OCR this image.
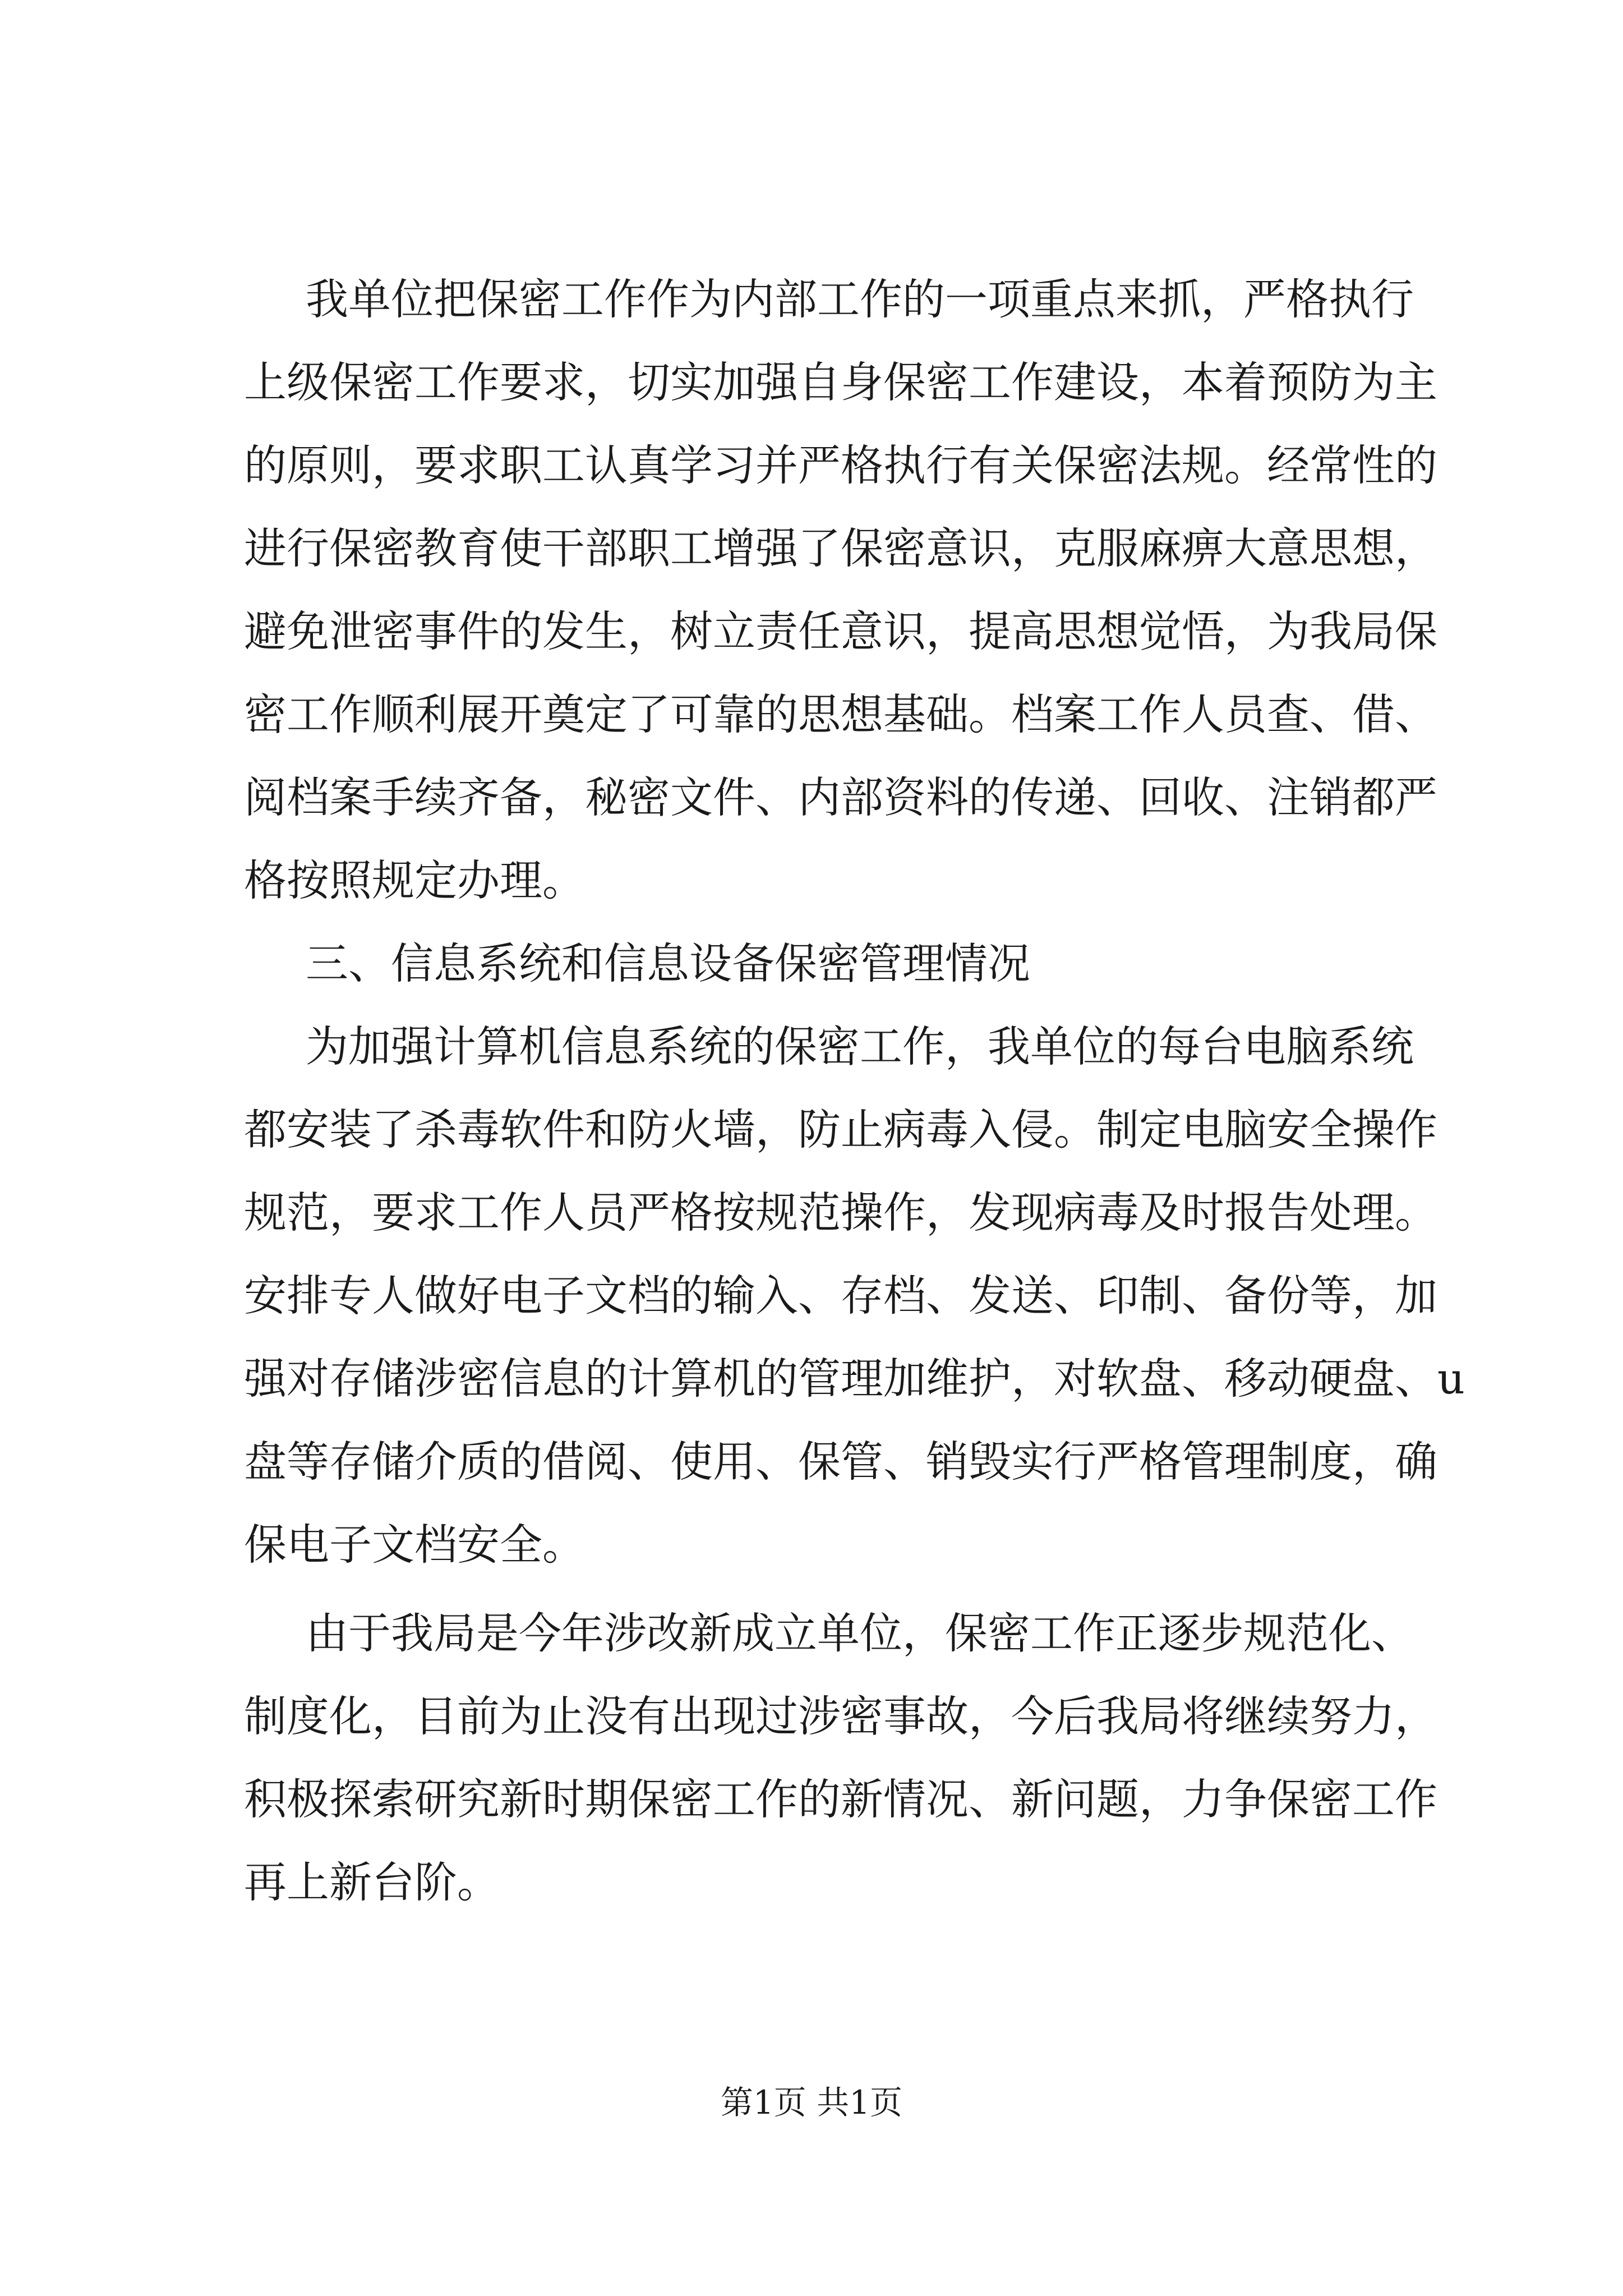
我单位把保密工作作为内部工作的一项重点来抓，严格执行
上级保密工作要求，切实加强自身保密工作建设，本着预防为主
的原则，要求职工认真学习并严格执行有关保密法规。经常性的
进行保密教育使干部职工增强了保密意识，克服麻痹大意思想，
避免泄密事件的发生，树立责任意识，提高思想觉悟，为我局保
密工作顺利展开奠定了可靠的思想基础。档案工作人员查、借、
阅档案手续齐备，秘密文件、内部资料的传递、回收、注销都严
格按照规定办理。
三、信息系统和信息设备保密管理情况
为加强计算机信息系统的保密工作，我单位的每台电脑系统
都安装了杀毒软件和防火墙，防止病毒入侵。制定电脑安全操作
规范，要求工作人员严格按规范操作，发现病毒及时报告处理。
安排专人做好电子文档的输入、存档、发送、印制、备份等，加
强对存储涉密信息的计算机的管理加维护，对软盘、移动硬盘、u
盘等存储介质的借阅、使用、保管、销毁实行严格管理制度，确
保电子文档安全。
由于我局是今年涉改新成立单位，保密工作正逐步规范化、
制度化，目前为止没有出现过涉密事故，今后我局将继续努力，
积极探索研究新时期保密工作的新情况、新问题，力争保密工作
再上新台阶。
第1页 共1页
